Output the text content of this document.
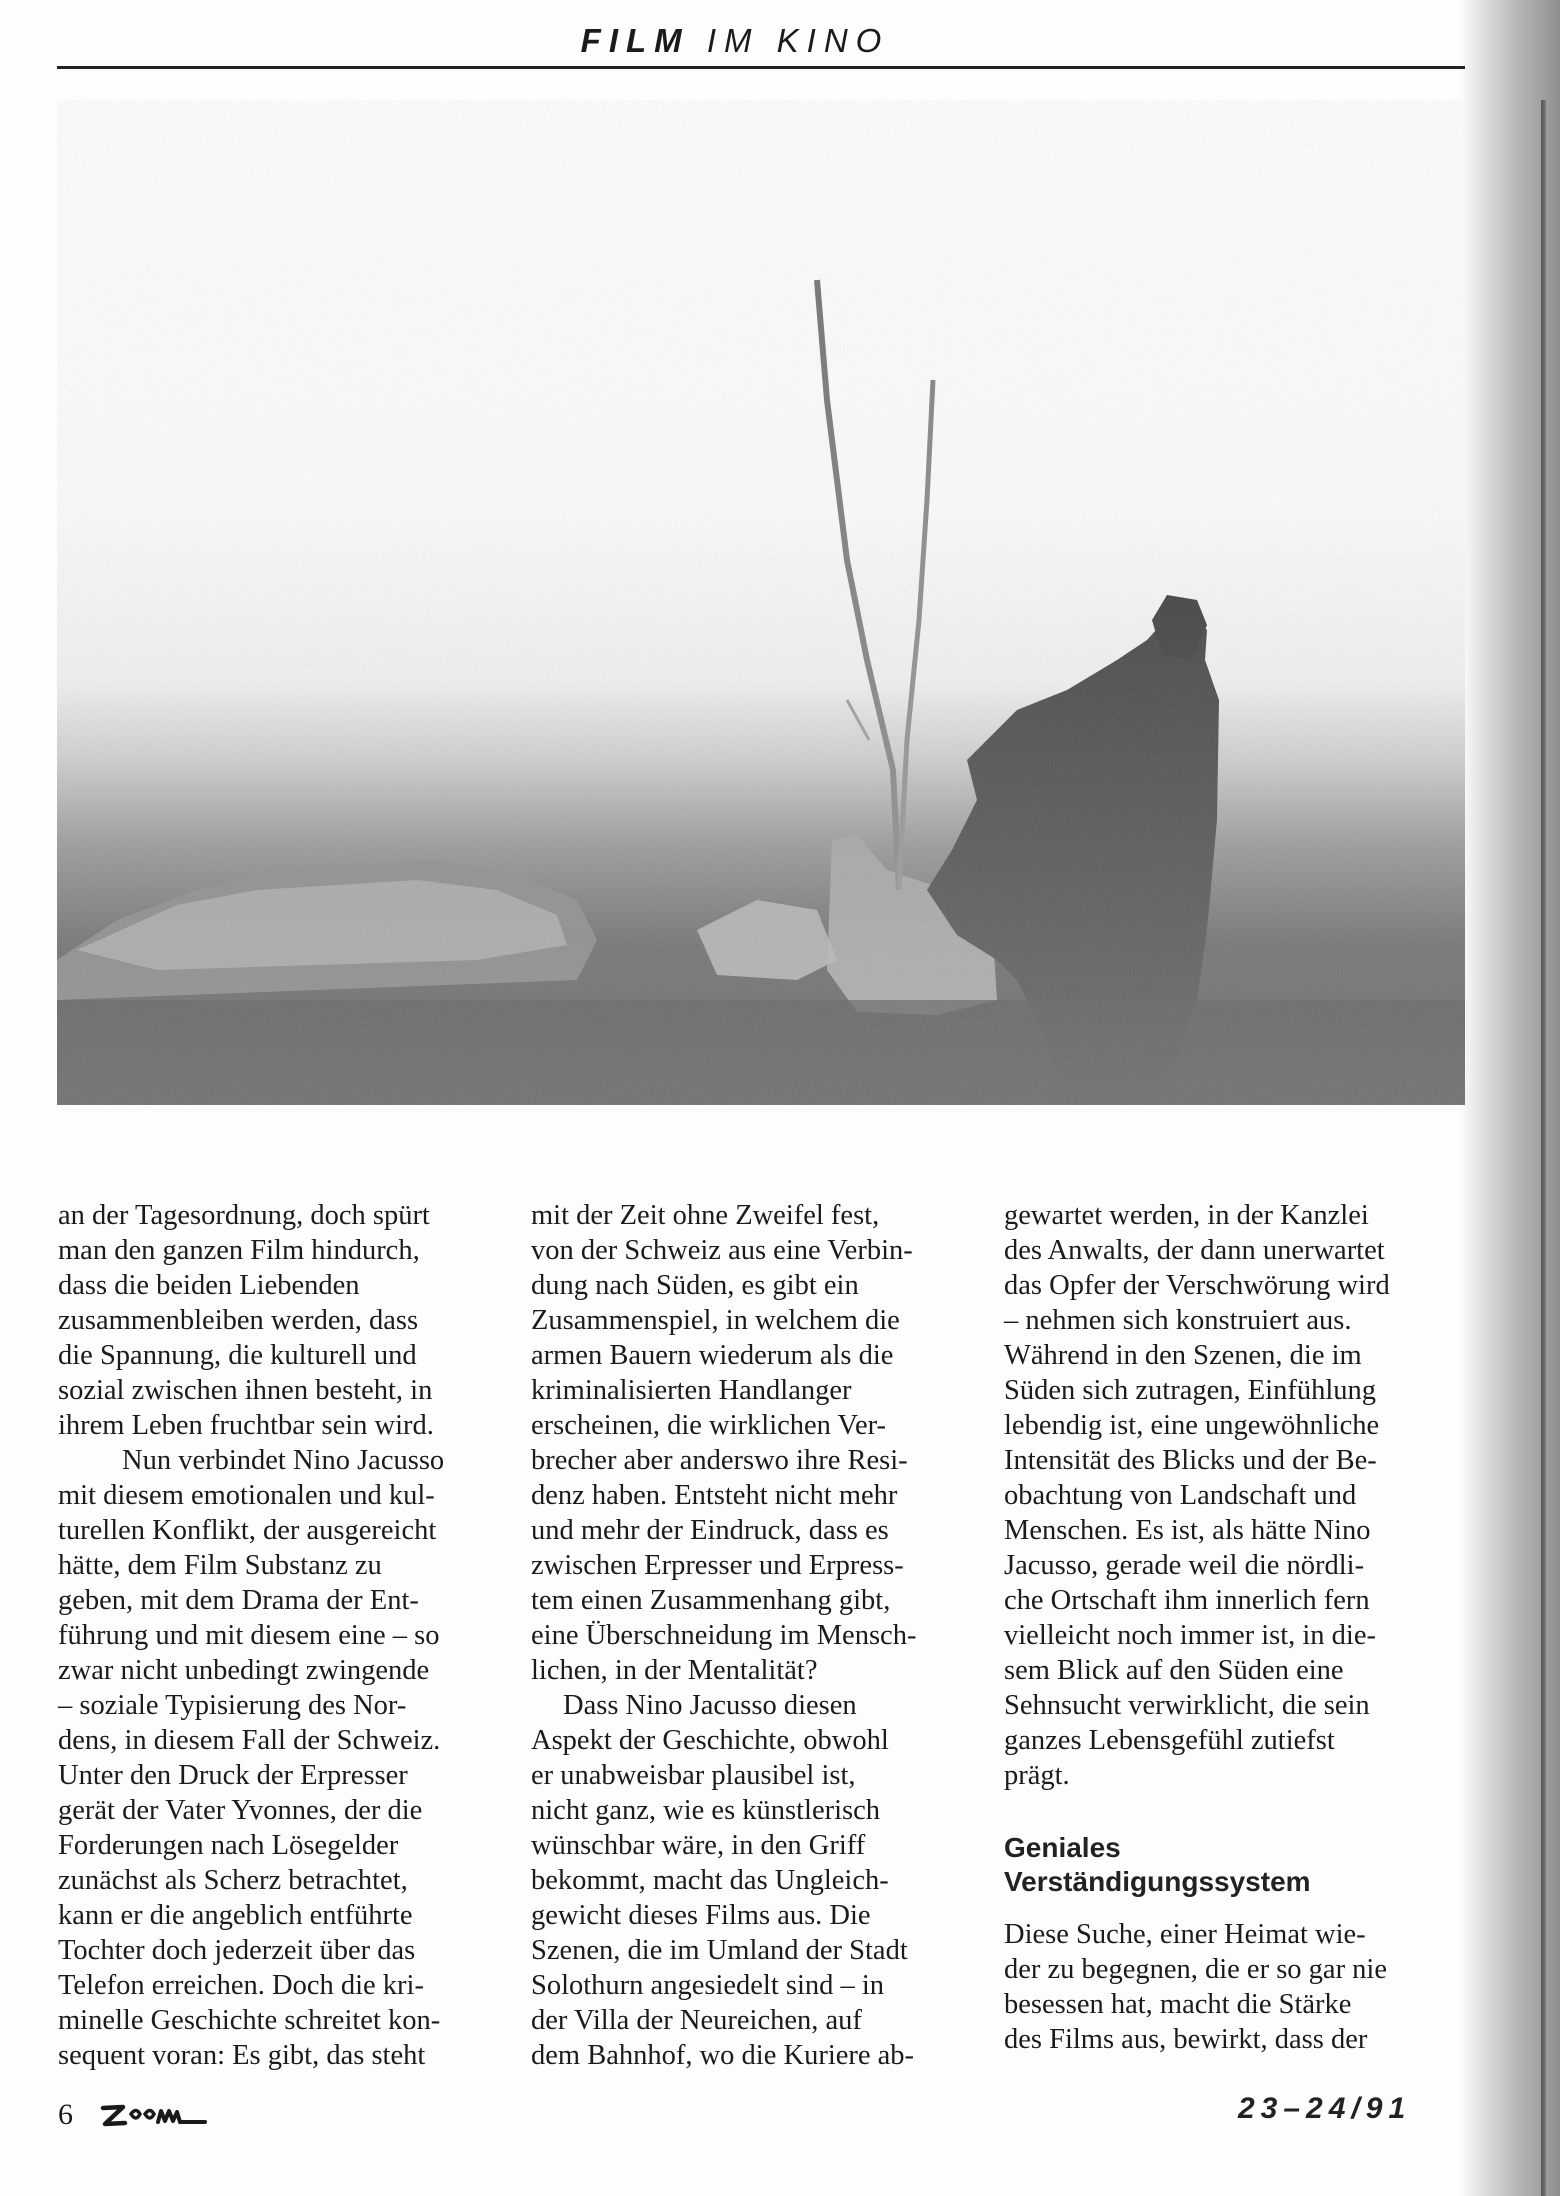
FILM IM KINO

an der Tagesordnung, doch spürt
man den ganzen Film hindurch,
dass die beiden Liebenden
zusammenbleiben werden, dass
die Spannung, die kulturell und
sozial zwischen ihnen besteht, in
ihrem Leben fruchtbar sein wird.

Nun verbindet Nino Jacusso
mit diesem emotionalen und kul-
turellen Konflikt, der ausgereicht
hätte, dem Film Substanz zu
geben, mit dem Drama der Ent-
führung und mit diesem eine – so
zwar nicht unbedingt zwingende
– soziale Typisierung des Nor-
dens, in diesem Fall der Schweiz.
Unter den Druck der Erpresser
gerät der Vater Yvonnes, der die
Forderungen nach Lösegelder
zunächst als Scherz betrachtet,
kann er die angeblich entführte
Tochter doch jederzeit über das
Telefon erreichen. Doch die kri-
minelle Geschichte schreitet kon-
sequent voran: Es gibt, das steht

mit der Zeit ohne Zweifel fest,
von der Schweiz aus eine Verbin-
dung nach Süden, es gibt ein
Zusammenspiel, in welchem die
armen Bauern wiederum als die
kriminalisierten Handlanger
erscheinen, die wirklichen Ver-
brecher aber anderswo ihre Resi-
denz haben. Entsteht nicht mehr
und mehr der Eindruck, dass es
zwischen Erpresser und Erpress-
tem einen Zusammenhang gibt,
eine Überschneidung im Mensch-
lichen, in der Mentalität?

Dass Nino Jacusso diesen
Aspekt der Geschichte, obwohl
er unabweisbar plausibel ist,
nicht ganz, wie es künstlerisch
wünschbar wäre, in den Griff
bekommt, macht das Ungleich-
gewicht dieses Films aus. Die
Szenen, die im Umland der Stadt
Solothurn angesiedelt sind – in
der Villa der Neureichen, auf
dem Bahnhof, wo die Kuriere ab-

gewartet werden, in der Kanzlei
des Anwalts, der dann unerwartet
das Opfer der Verschwörung wird
– nehmen sich konstruiert aus.
Während in den Szenen, die im
Süden sich zutragen, Einfühlung
lebendig ist, eine ungewöhnliche
Intensität des Blicks und der Be-
obachtung von Landschaft und
Menschen. Es ist, als hätte Nino
Jacusso, gerade weil die nördli-
che Ortschaft ihm innerlich fern
vielleicht noch immer ist, in die-
sem Blick auf den Süden eine
Sehnsucht verwirklicht, die sein
ganzes Lebensgefühl zutiefst
prägt.

Geniales
Verständigungssystem

Diese Suche, einer Heimat wie-
der zu begegnen, die er so gar nie
besessen hat, macht die Stärke
des Films aus, bewirkt, dass der

6	23–24/91
